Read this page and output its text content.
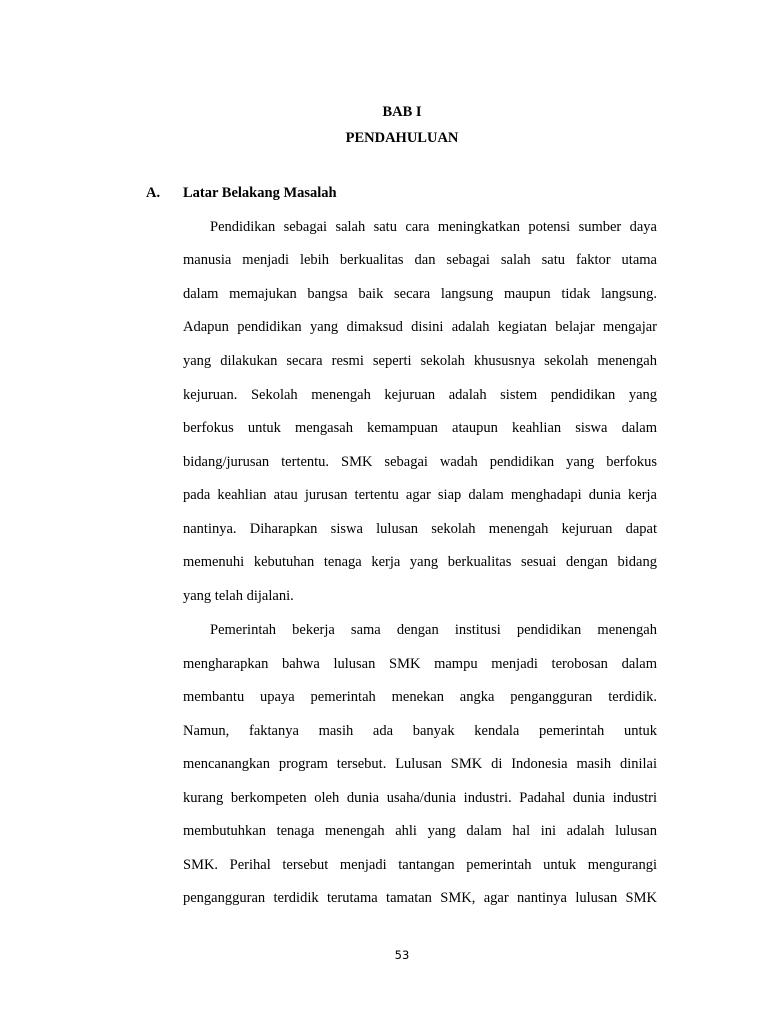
BAB I
PENDAHULUAN
A. Latar Belakang Masalah
Pendidikan sebagai salah satu cara meningkatkan potensi sumber daya
manusia menjadi lebih berkualitas dan sebagai salah satu faktor utama
dalam memajukan bangsa baik secara langsung maupun tidak langsung.
Adapun pendidikan yang dimaksud disini adalah kegiatan belajar mengajar
yang dilakukan secara resmi seperti sekolah khususnya sekolah menengah
kejuruan. Sekolah menengah kejuruan adalah sistem pendidikan yang
berfokus untuk mengasah kemampuan ataupun keahlian siswa dalam
bidang/jurusan tertentu. SMK sebagai wadah pendidikan yang berfokus
pada keahlian atau jurusan tertentu agar siap dalam menghadapi dunia kerja
nantinya. Diharapkan siswa lulusan sekolah menengah kejuruan dapat
memenuhi kebutuhan tenaga kerja yang berkualitas sesuai dengan bidang
yang telah dijalani.
Pemerintah bekerja sama dengan institusi pendidikan menengah
mengharapkan bahwa lulusan SMK mampu menjadi terobosan dalam
membantu upaya pemerintah menekan angka pengangguran terdidik.
Namun, faktanya masih ada banyak kendala pemerintah untuk
mencanangkan program tersebut. Lulusan SMK di Indonesia masih dinilai
kurang berkompeten oleh dunia usaha/dunia industri. Padahal dunia industri
membutuhkan tenaga menengah ahli yang dalam hal ini adalah lulusan
SMK. Perihal tersebut menjadi tantangan pemerintah untuk mengurangi
pengangguran terdidik terutama tamatan SMK, agar nantinya lulusan SMK
53
